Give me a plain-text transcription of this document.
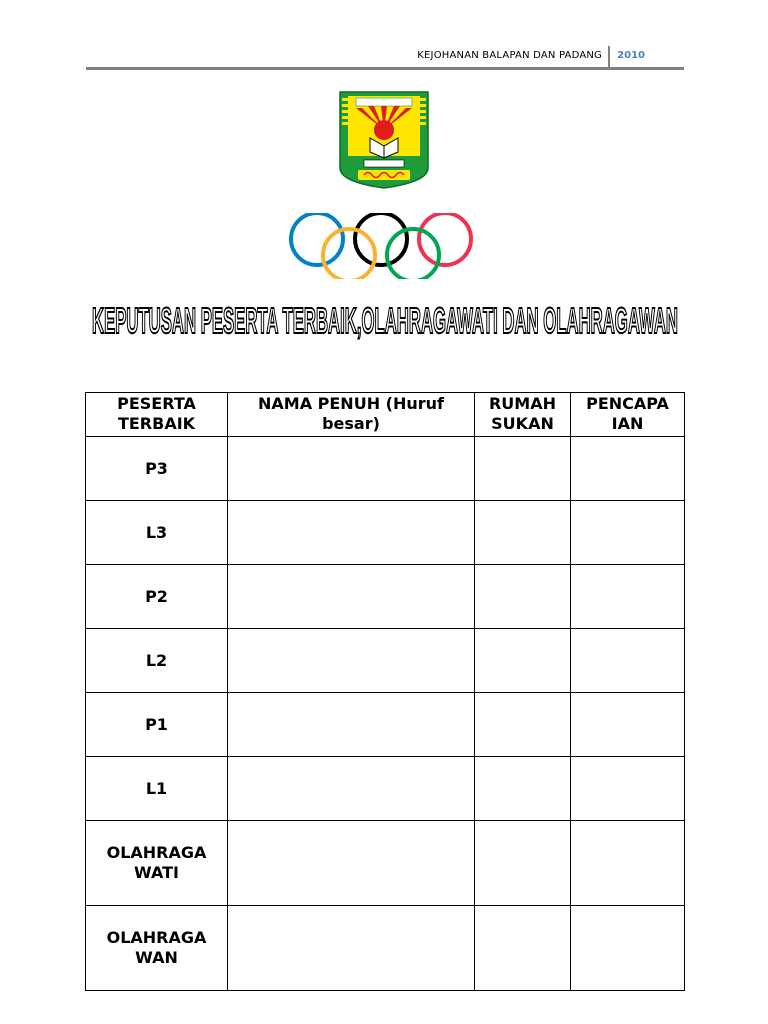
KEJOHANAN BALAPAN DAN PADANG 2010
KEPUTUSAN PESERTA TERBAIK,OLAHRAGAWATI DAN OLAHRAGAWAN
PESERTA TERBAIK	NAMA PENUH (Huruf besar)	RUMAH SUKAN	PENCAPA IAN
P3			
L3			
P2			
L2			
P1			
L1			
OLAHRAGA WATI			
OLAHRAGA WAN			
